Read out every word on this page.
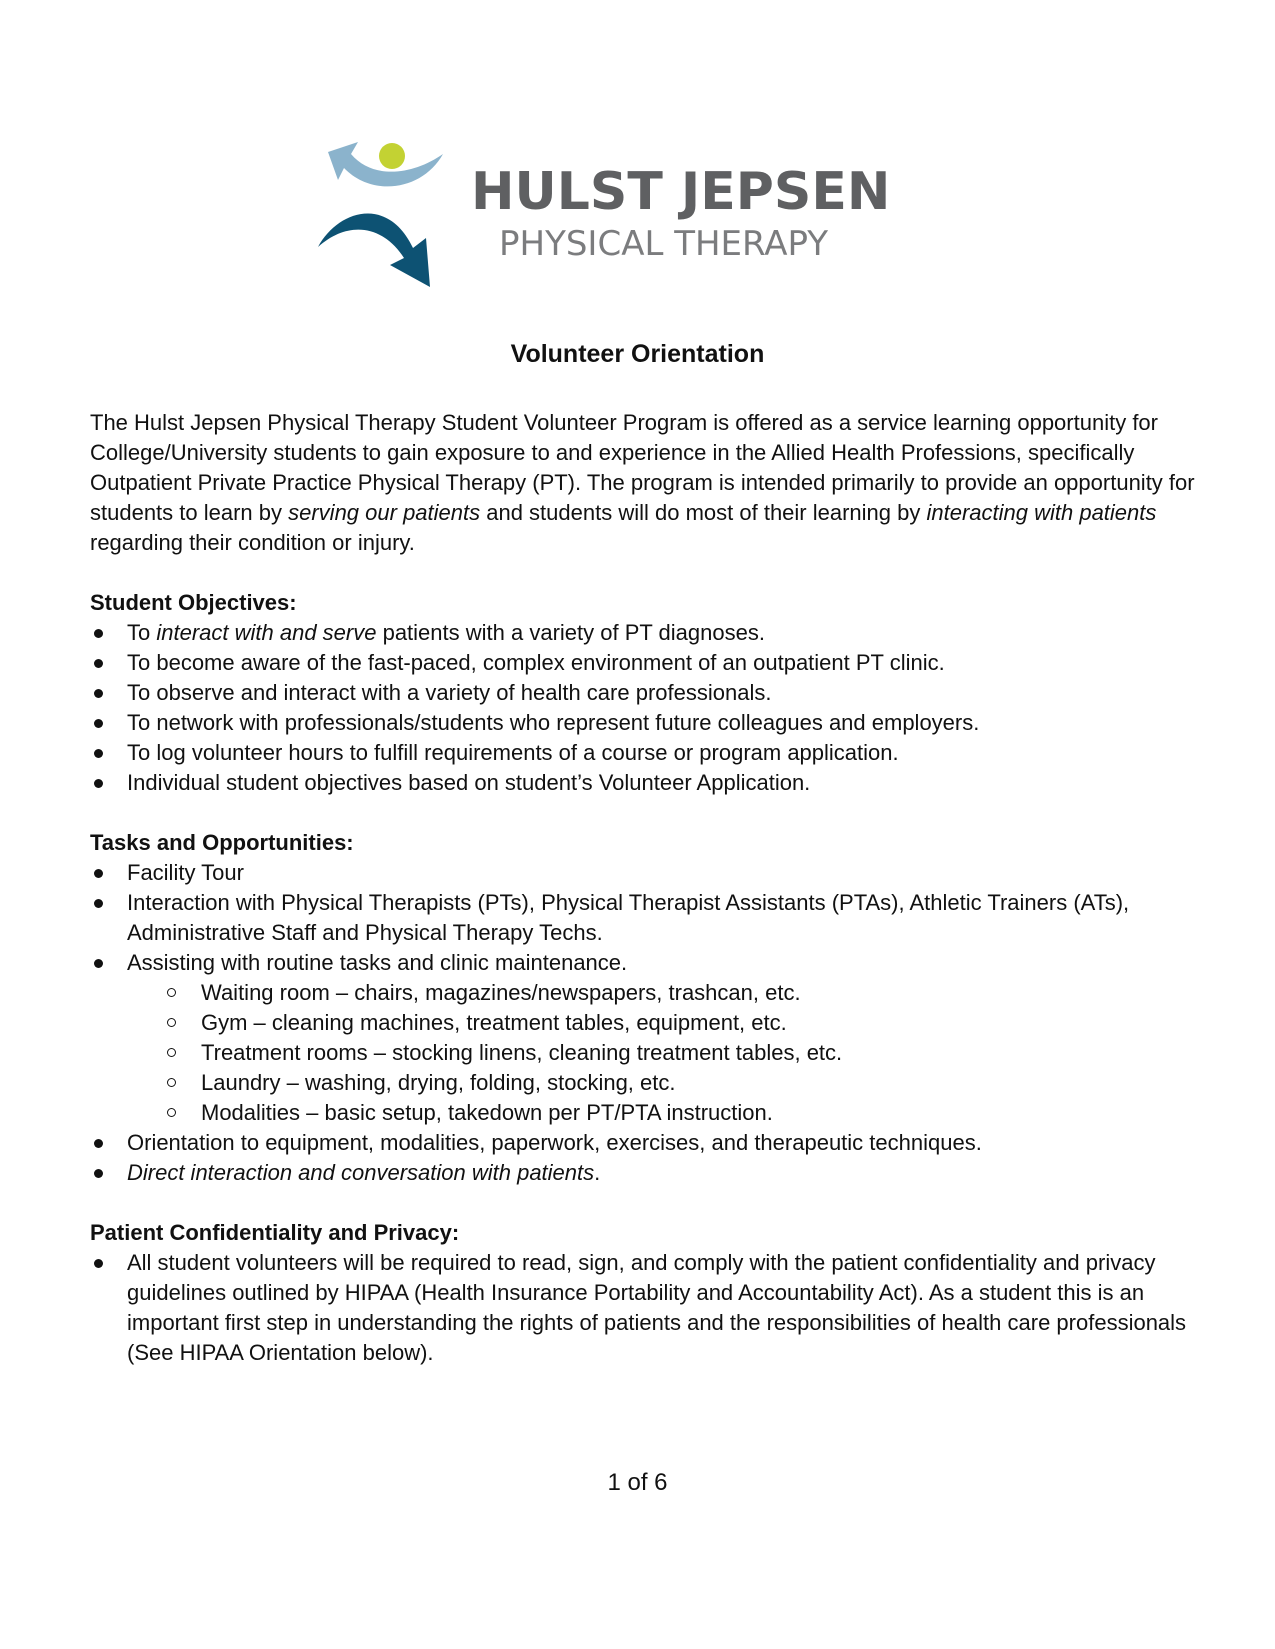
HULST JEPSEN
PHYSICAL THERAPY
Volunteer Orientation

The Hulst Jepsen Physical Therapy Student Volunteer Program is offered as a service learning opportunity for College/University students to gain exposure to and experience in the Allied Health Professions, specifically Outpatient Private Practice Physical Therapy (PT). The program is intended primarily to provide an opportunity for students to learn by serving our patients and students will do most of their learning by interacting with patients regarding their condition or injury.

Student Objectives:

To interact with and serve patients with a variety of PT diagnoses.
To become aware of the fast-paced, complex environment of an outpatient PT clinic.
To observe and interact with a variety of health care professionals.
To network with professionals/students who represent future colleagues and employers.
To log volunteer hours to fulfill requirements of a course or program application.
Individual student objectives based on student’s Volunteer Application.

Tasks and Opportunities:

Facility Tour
Interaction with Physical Therapists (PTs), Physical Therapist Assistants (PTAs), Athletic Trainers (ATs), Administrative Staff and Physical Therapy Techs.
Assisting with routine tasks and clinic maintenance.
Waiting room – chairs, magazines/newspapers, trashcan, etc.
Gym – cleaning machines, treatment tables, equipment, etc.
Treatment rooms – stocking linens, cleaning treatment tables, etc.
Laundry – washing, drying, folding, stocking, etc.
Modalities – basic setup, takedown per PT/PTA instruction.
Orientation to equipment, modalities, paperwork, exercises, and therapeutic techniques.
Direct interaction and conversation with patients.

Patient Confidentiality and Privacy:

All student volunteers will be required to read, sign, and comply with the patient confidentiality and privacy guidelines outlined by HIPAA (Health Insurance Portability and Accountability Act). As a student this is an important first step in understanding the rights of patients and the responsibilities of health care professionals (See HIPAA Orientation below).
1 of 6
